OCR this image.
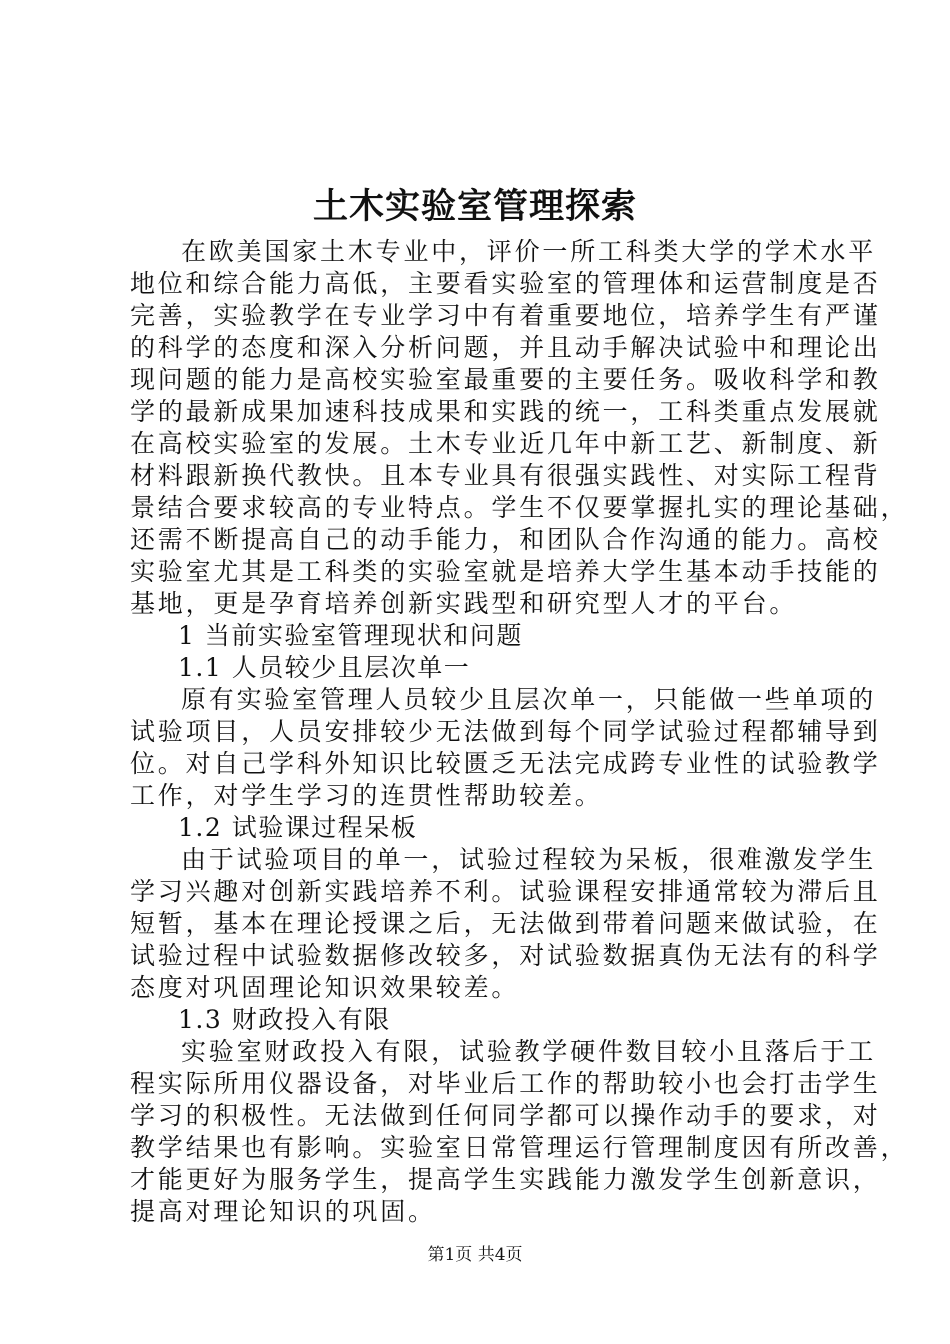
土木实验室管理探索
在欧美国家土木专业中，评价一所工科类大学的学术水平
地位和综合能力高低，主要看实验室的管理体和运营制度是否
完善，实验教学在专业学习中有着重要地位，培养学生有严谨
的科学的态度和深入分析问题，并且动手解决试验中和理论出
现问题的能力是高校实验室最重要的主要任务。吸收科学和教
学的最新成果加速科技成果和实践的统一，工科类重点发展就
在高校实验室的发展。土木专业近几年中新工艺、新制度、新
材料跟新换代教快。且本专业具有很强实践性、对实际工程背
景结合要求较高的专业特点。学生不仅要掌握扎实的理论基础，
还需不断提高自己的动手能力，和团队合作沟通的能力。高校
实验室尤其是工科类的实验室就是培养大学生基本动手技能的
基地，更是孕育培养创新实践型和研究型人才的平台。
1 当前实验室管理现状和问题
1.1 人员较少且层次单一
原有实验室管理人员较少且层次单一，只能做一些单项的
试验项目，人员安排较少无法做到每个同学试验过程都辅导到
位。对自己学科外知识比较匮乏无法完成跨专业性的试验教学
工作，对学生学习的连贯性帮助较差。
1.2 试验课过程呆板
由于试验项目的单一，试验过程较为呆板，很难激发学生
学习兴趣对创新实践培养不利。试验课程安排通常较为滞后且
短暂，基本在理论授课之后，无法做到带着问题来做试验，在
试验过程中试验数据修改较多，对试验数据真伪无法有的科学
态度对巩固理论知识效果较差。
1.3 财政投入有限
实验室财政投入有限，试验教学硬件数目较小且落后于工
程实际所用仪器设备，对毕业后工作的帮助较小也会打击学生
学习的积极性。无法做到任何同学都可以操作动手的要求，对
教学结果也有影响。实验室日常管理运行管理制度因有所改善，
才能更好为服务学生，提高学生实践能力激发学生创新意识，
提高对理论知识的巩固。
第1页 共4页
